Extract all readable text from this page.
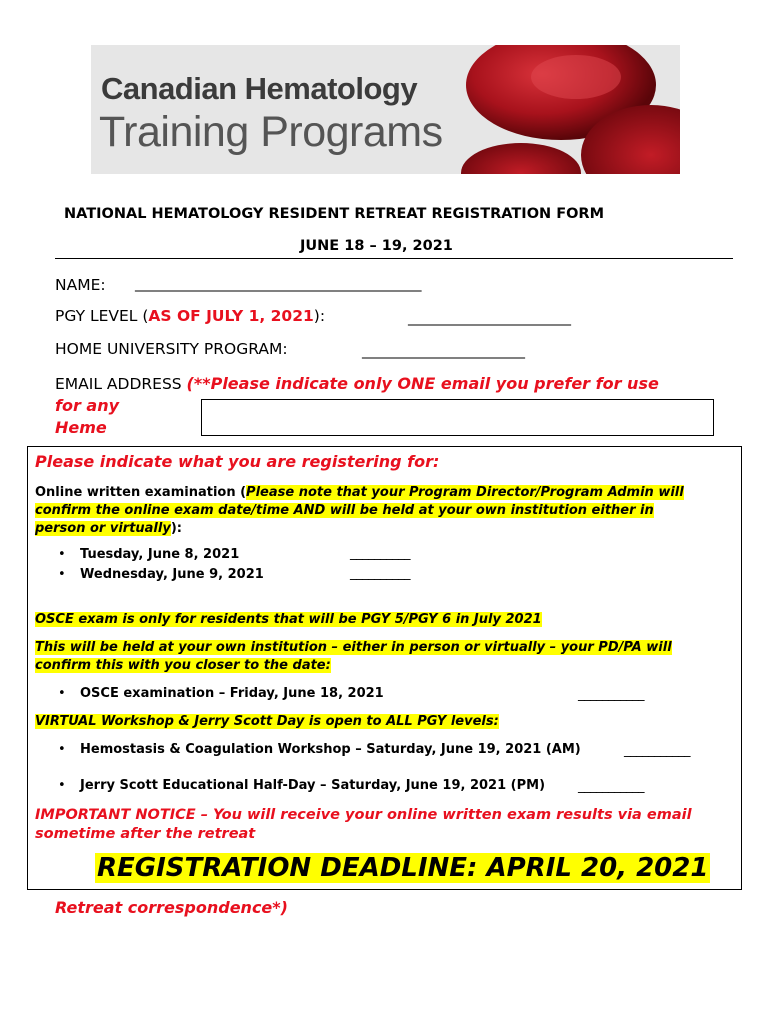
Canadian Hematology
Training Programs
NATIONAL HEMATOLOGY RESIDENT RETREAT REGISTRATION FORM
JUNE 18 – 19, 2021
NAME: ____________________________________________
PGY LEVEL (AS OF JULY 1, 2021):	_________________________
HOME UNIVERSITY PROGRAM:	_________________________
EMAIL ADDRESS (**Please indicate only ONE email you prefer for use
for any
Heme
Please indicate what you are registering for:
Online written examination (Please note that your Program Director/Program Admin will
confirm the online exam date/time AND will be held at your own institution either in
person or virtually):
• Tuesday, June 8, 2021	__________
• Wednesday, June 9, 2021	__________
OSCE exam is only for residents that will be PGY 5/PGY 6 in July 2021
This will be held at your own institution – either in person or virtually – your PD/PA will
confirm this with you closer to the date:
• OSCE examination – Friday, June 18, 2021	___________
VIRTUAL Workshop & Jerry Scott Day is open to ALL PGY levels:
• Hemostasis & Coagulation Workshop – Saturday, June 19, 2021 (AM)	___________
• Jerry Scott Educational Half-Day – Saturday, June 19, 2021 (PM)	___________
IMPORTANT NOTICE – You will receive your online written exam results via email
sometime after the retreat
REGISTRATION DEADLINE: APRIL 20, 2021
Retreat correspondence*)
